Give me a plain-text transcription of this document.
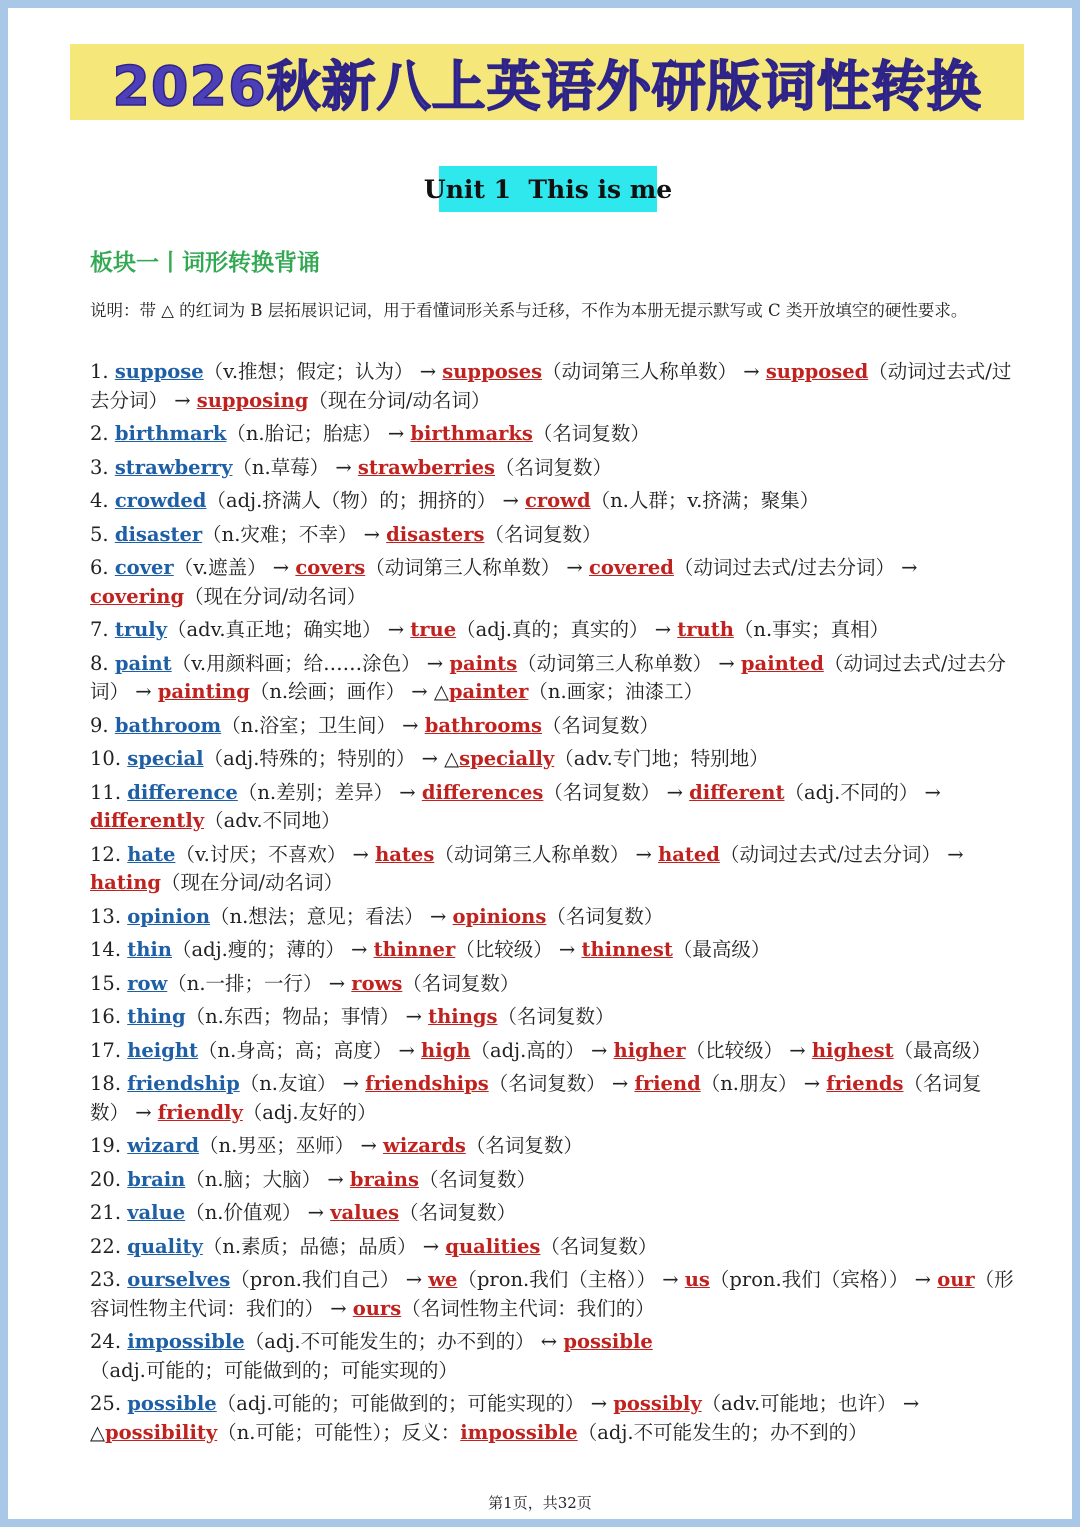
2026秋新八上英语外研版词性转换
Unit 1  This is me
板块一丨词形转换背诵
说明：带 △ 的红词为 B 层拓展识记词，用于看懂词形关系与迁移，不作为本册无提示默写或 C 类开放填空的硬性要求。
1. suppose（v.推想；假定；认为） → supposes（动词第三人称单数） → supposed（动词过去式/过去分词） → supposing（现在分词/动名词）
2. birthmark（n.胎记；胎痣） → birthmarks（名词复数）
3. strawberry（n.草莓） → strawberries（名词复数）
4. crowded（adj.挤满人（物）的；拥挤的） → crowd（n.人群；v.挤满；聚集）
5. disaster（n.灾难；不幸） → disasters（名词复数）
6. cover（v.遮盖） → covers（动词第三人称单数） → covered（动词过去式/过去分词） → covering（现在分词/动名词）
7. truly（adv.真正地；确实地） → true（adj.真的；真实的） → truth（n.事实；真相）
8. paint（v.用颜料画；给……涂色） → paints（动词第三人称单数） → painted（动词过去式/过去分词） → painting（n.绘画；画作） → △painter（n.画家；油漆工）
9. bathroom（n.浴室；卫生间） → bathrooms（名词复数）
10. special（adj.特殊的；特别的） → △specially（adv.专门地；特别地）
11. difference（n.差别；差异） → differences（名词复数） → different（adj.不同的） → differently（adv.不同地）
12. hate（v.讨厌；不喜欢） → hates（动词第三人称单数） → hated（动词过去式/过去分词） → hating（现在分词/动名词）
13. opinion（n.想法；意见；看法） → opinions（名词复数）
14. thin（adj.瘦的；薄的） → thinner（比较级） → thinnest（最高级）
15. row（n.一排；一行） → rows（名词复数）
16. thing（n.东西；物品；事情） → things（名词复数）
17. height（n.身高；高；高度） → high（adj.高的） → higher（比较级） → highest（最高级）
18. friendship（n.友谊） → friendships（名词复数） → friend（n.朋友） → friends（名词复数） → friendly（adj.友好的）
19. wizard（n.男巫；巫师） → wizards（名词复数）
20. brain（n.脑；大脑） → brains（名词复数）
21. value（n.价值观） → values（名词复数）
22. quality（n.素质；品德；品质） → qualities（名词复数）
23. ourselves（pron.我们自己） → we（pron.我们（主格）） → us（pron.我们（宾格）） → our（形容词性物主代词：我们的） → ours（名词性物主代词：我们的）
24. impossible（adj.不可能发生的；办不到的） ↔ possible（adj.可能的；可能做到的；可能实现的）
25. possible（adj.可能的；可能做到的；可能实现的） → possibly（adv.可能地；也许） → △possibility（n.可能；可能性）；反义：impossible（adj.不可能发生的；办不到的）
第1页，共32页
